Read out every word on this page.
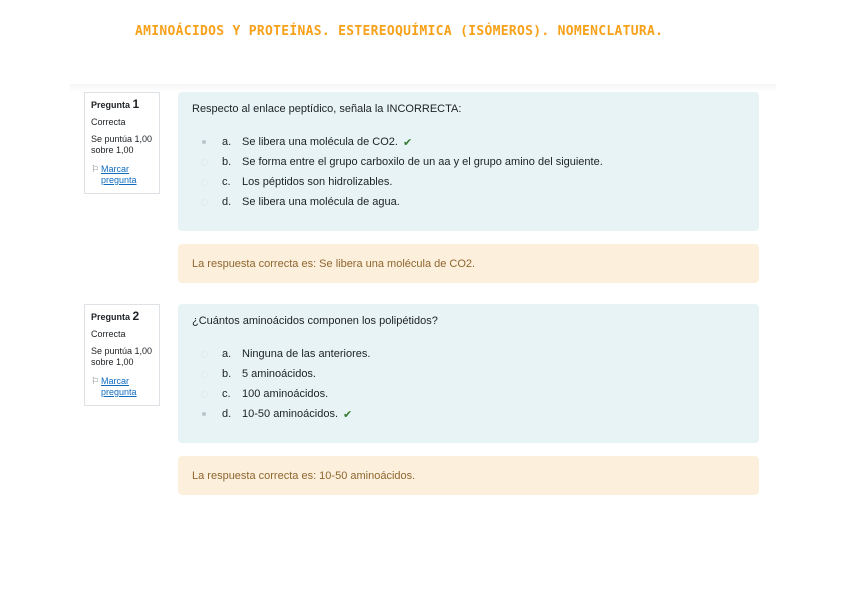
AMINOÁCIDOS Y PROTEÍNAS. ESTEREOQUÍMICA (ISÓMEROS). NOMENCLATURA.
Pregunta 1
Correcta
Se puntúa 1,00 sobre 1,00
⚐ Marcar pregunta
Respecto al enlace peptídico, señala la INCORRECTA:
a. Se libera una molécula de CO2. ✔
b. Se forma entre el grupo carboxilo de un aa y el grupo amino del siguiente.
c.	Los péptidos son hidrolizables.
d. Se libera una molécula de agua.
La respuesta correcta es: Se libera una molécula de CO2.
Pregunta 2
Correcta
Se puntúa 1,00 sobre 1,00
⚐ Marcar pregunta
¿Cuántos aminoácidos componen los polipétidos?
a. Ninguna de las anteriores.
b. 5 aminoácidos.
c.	100 aminoácidos.
d. 10-50 aminoácidos. ✔
La respuesta correcta es: 10-50 aminoácidos.
